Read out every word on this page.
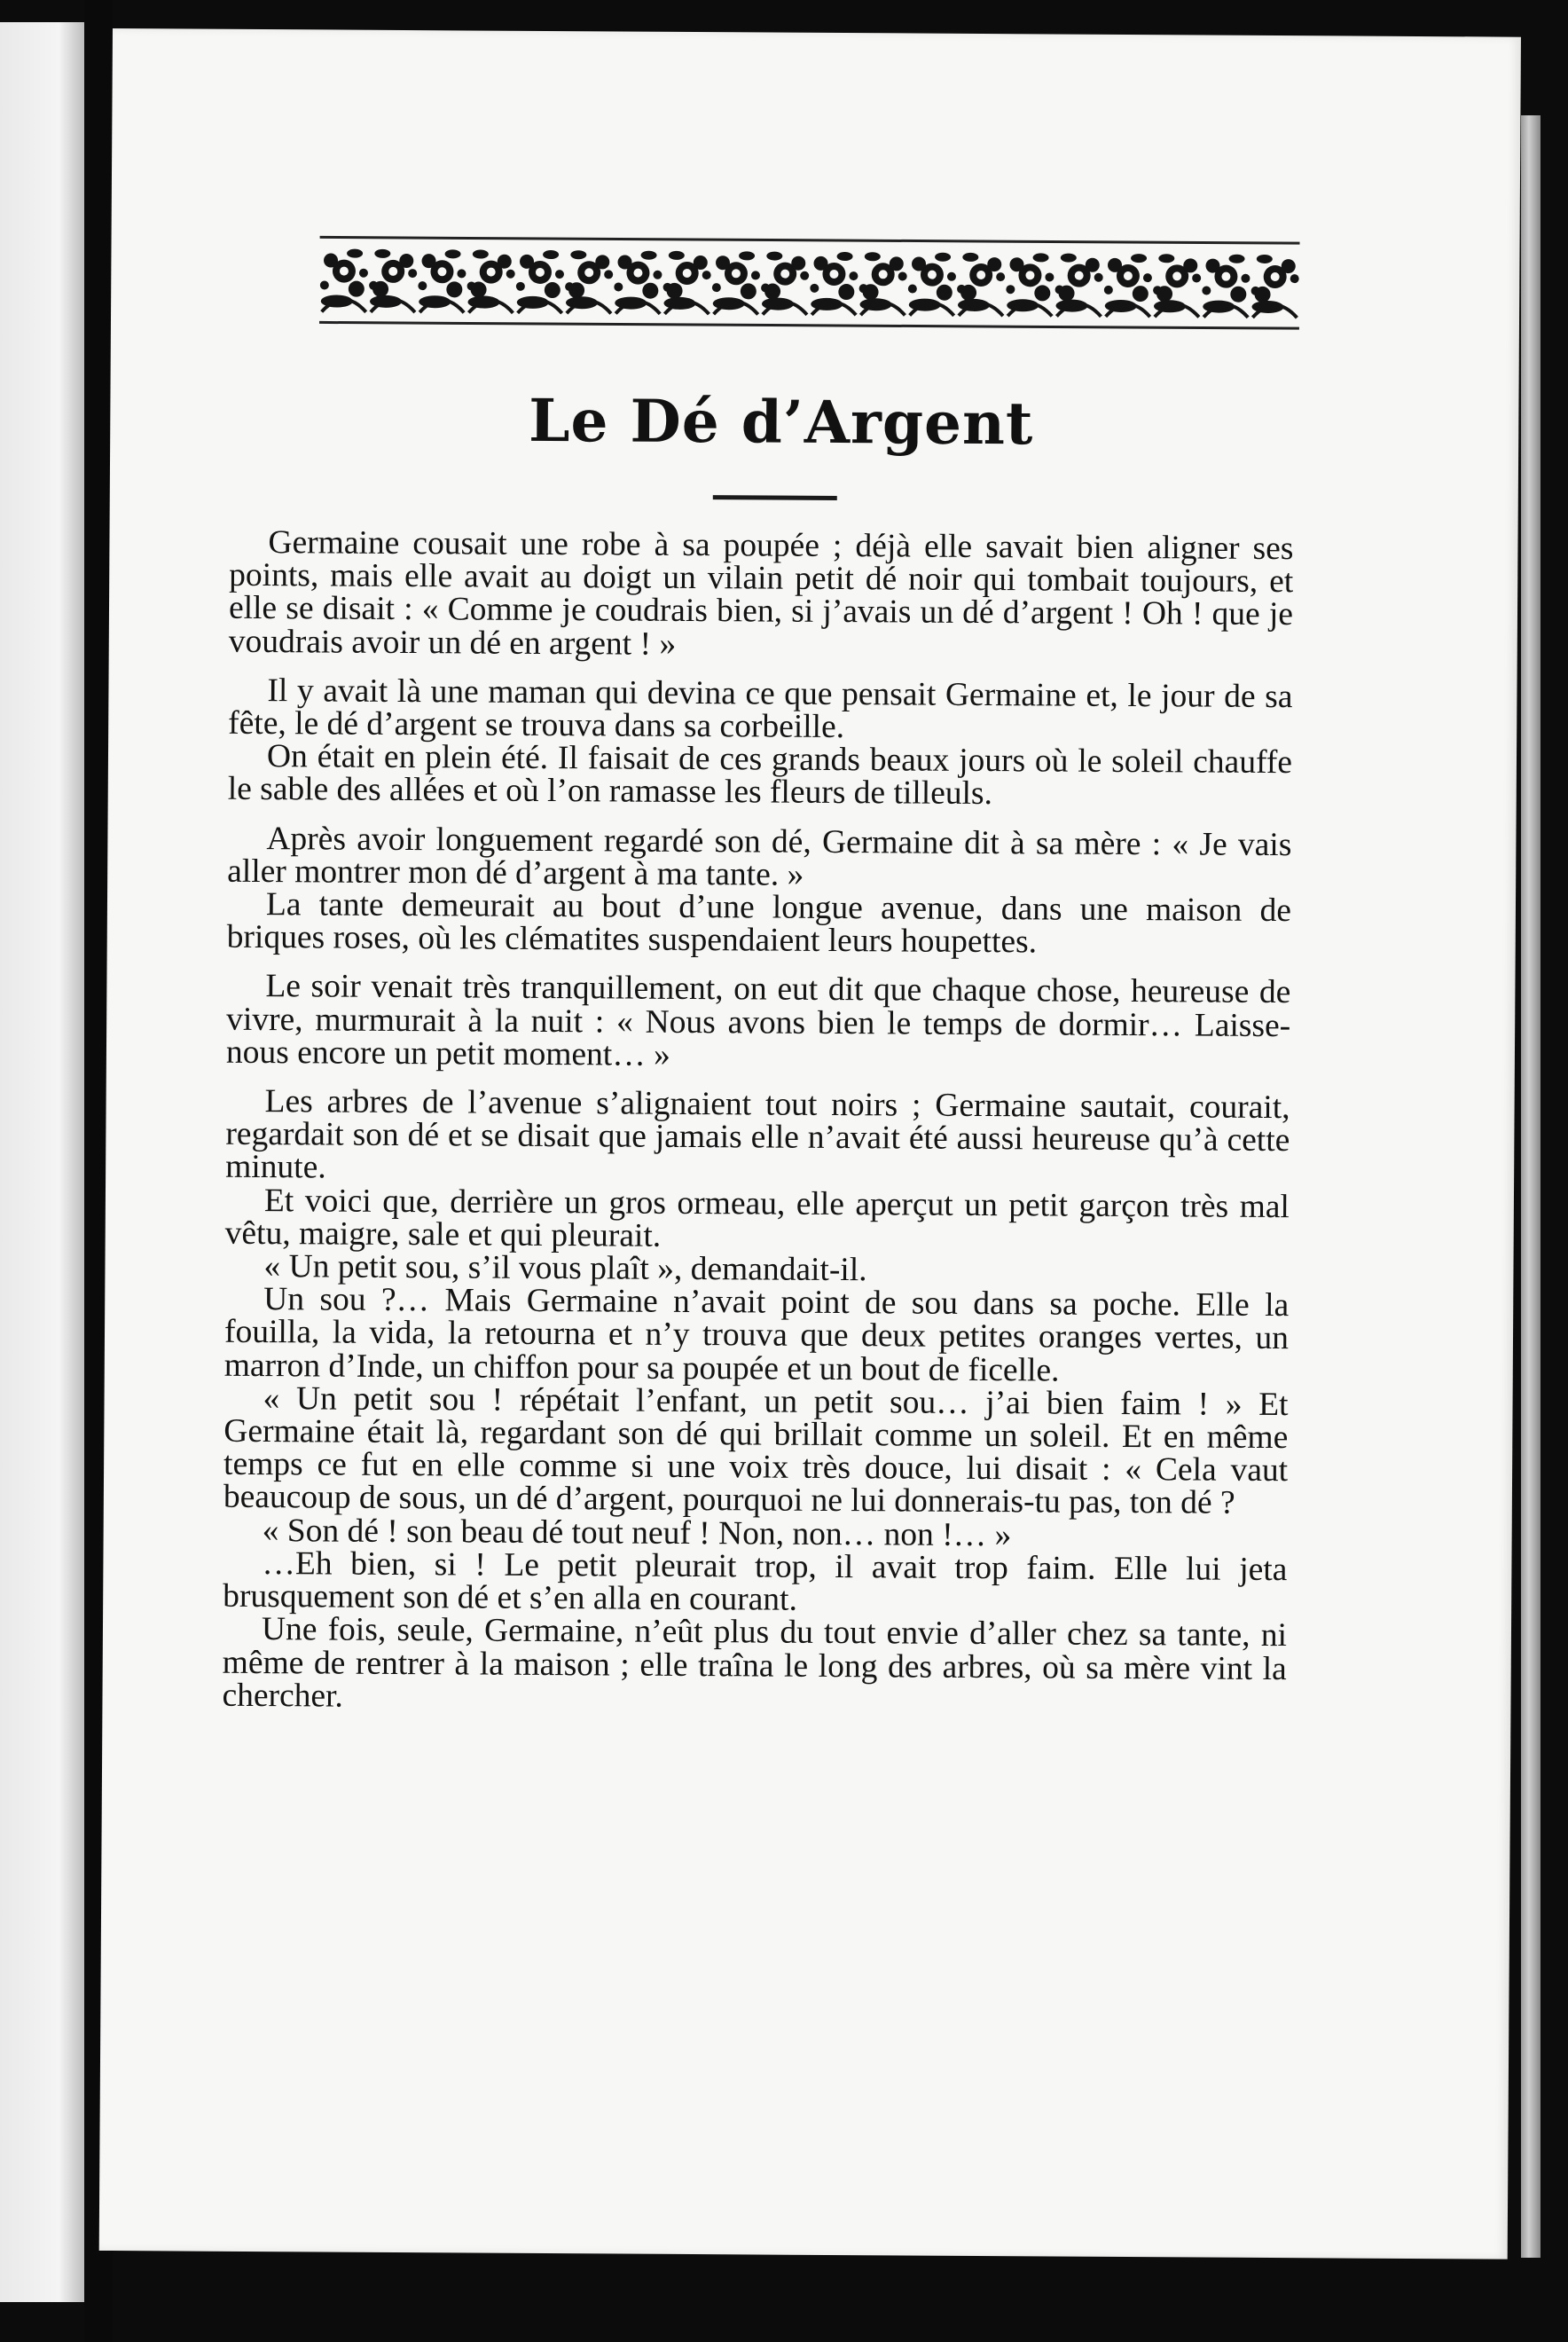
Le Dé d’Argent

Germaine cousait une robe à sa poupée ; déjà elle savait bien aligner ses points, mais elle avait au doigt un vilain petit dé noir qui tombait toujours, et elle se disait : « Comme je coudrais bien, si j’avais un dé d’argent ! Oh ! que je voudrais avoir un dé en argent ! »

Il y avait là une maman qui devina ce que pensait Germaine et, le jour de sa fête, le dé d’argent se trouva dans sa corbeille.

On était en plein été. Il faisait de ces grands beaux jours où le soleil chauffe le sable des allées et où l’on ramasse les fleurs de tilleuls.

Après avoir longuement regardé son dé, Germaine dit à sa mère : « Je vais aller montrer mon dé d’argent à ma tante. »

La tante demeurait au bout d’une longue avenue, dans une maison de briques roses, où les clématites suspendaient leurs houpettes.

Le soir venait très tranquillement, on eut dit que chaque chose, heureuse de vivre, murmurait à la nuit : « Nous avons bien le temps de dormir… Laisse-nous encore un petit moment… »

Les arbres de l’avenue s’alignaient tout noirs ; Germaine sautait, courait, regardait son dé et se disait que jamais elle n’avait été aussi heureuse qu’à cette minute.

Et voici que, derrière un gros ormeau, elle aperçut un petit garçon très mal vêtu, maigre, sale et qui pleurait.

« Un petit sou, s’il vous plaît », demandait-il.

Un sou ?… Mais Germaine n’avait point de sou dans sa poche. Elle la fouilla, la vida, la retourna et n’y trouva que deux petites oranges vertes, un marron d’Inde, un chiffon pour sa poupée et un bout de ficelle.

« Un petit sou ! répétait l’enfant, un petit sou… j’ai bien faim ! » Et Germaine était là, regardant son dé qui brillait comme un soleil. Et en même temps ce fut en elle comme si une voix très douce, lui disait : « Cela vaut beaucoup de sous, un dé d’argent, pourquoi ne lui donnerais-tu pas, ton dé ?

« Son dé ! son beau dé tout neuf ! Non, non… non !… »

…Eh bien, si ! Le petit pleurait trop, il avait trop faim. Elle lui jeta brusquement son dé et s’en alla en courant.

Une fois, seule, Germaine, n’eût plus du tout envie d’aller chez sa tante, ni même de rentrer à la maison ; elle traîna le long des arbres, où sa mère vint la chercher.
